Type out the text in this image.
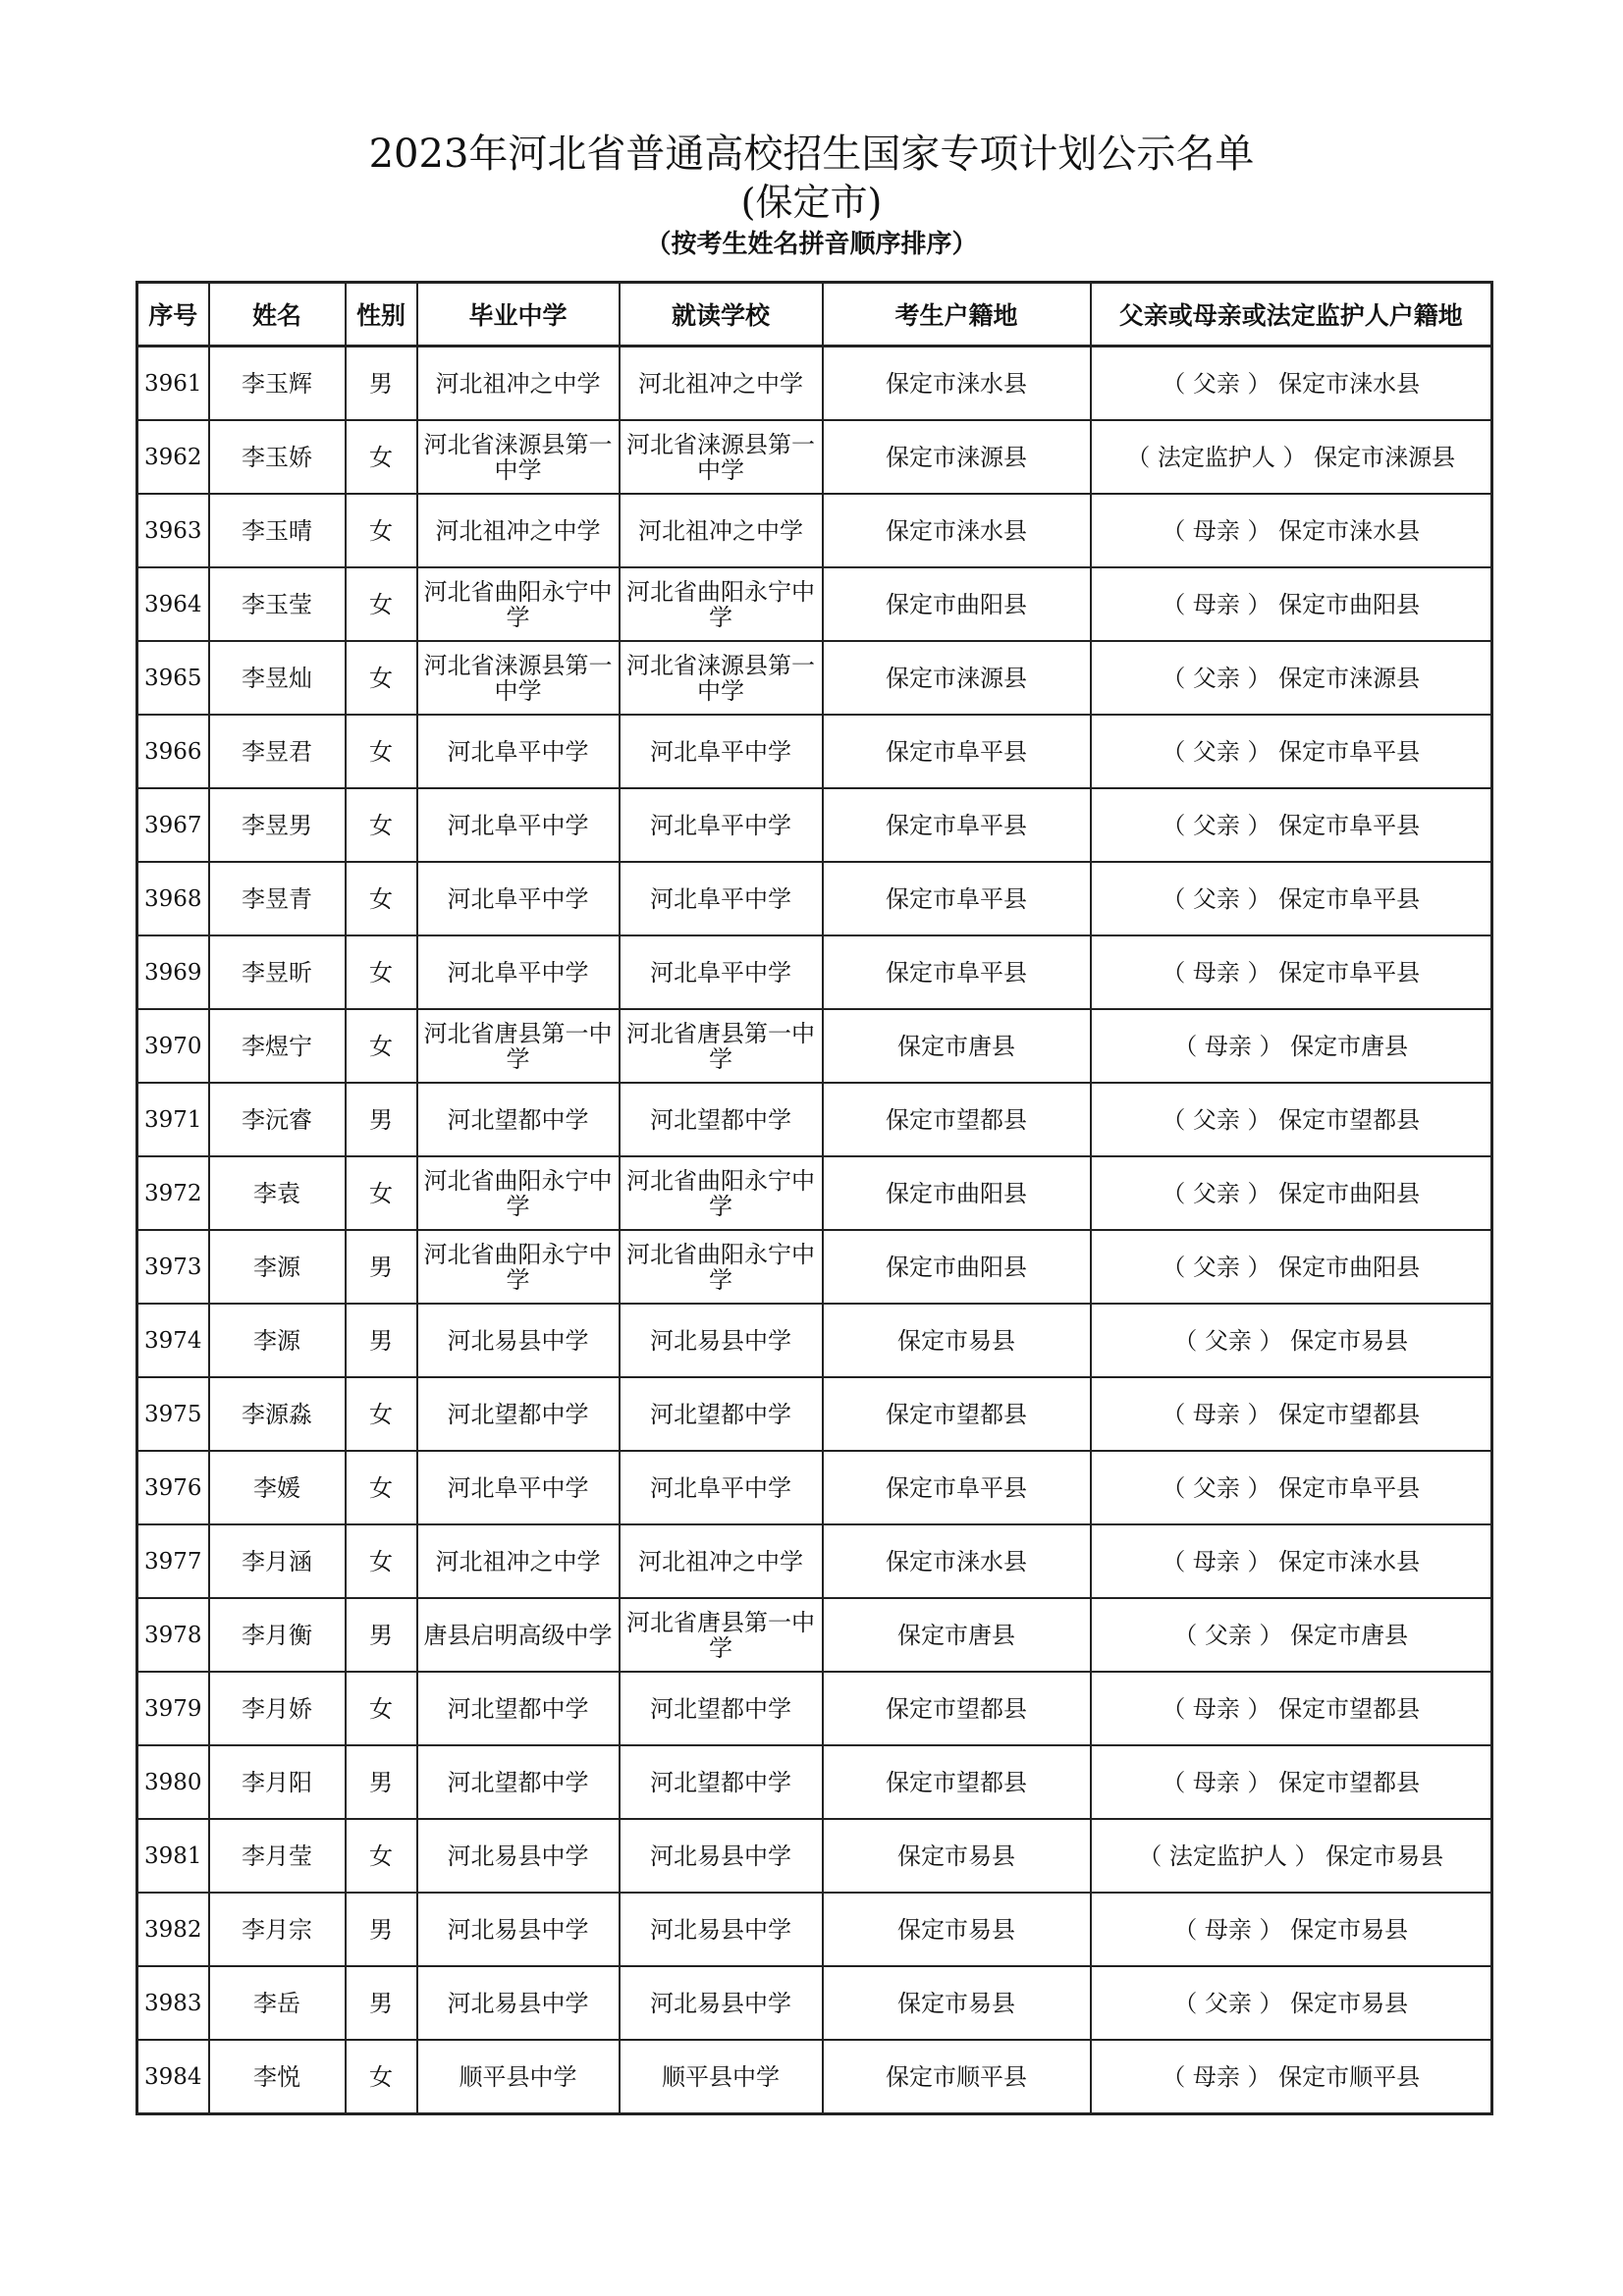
2023年河北省普通高校招生国家专项计划公示名单
(保定市)
（按考生姓名拼音顺序排序）
序号	姓名	性别	毕业中学	就读学校	考生户籍地	父亲或母亲或法定监护人户籍地
3961	李玉辉	男	河北祖冲之中学	河北祖冲之中学	保定市涞水县	（ 父亲 ） 保定市涞水县
3962	李玉娇	女	河北省涞源县第一中学	河北省涞源县第一中学	保定市涞源县	（ 法定监护人 ） 保定市涞源县
3963	李玉晴	女	河北祖冲之中学	河北祖冲之中学	保定市涞水县	（ 母亲 ） 保定市涞水县
3964	李玉莹	女	河北省曲阳永宁中学	河北省曲阳永宁中学	保定市曲阳县	（ 母亲 ） 保定市曲阳县
3965	李昱灿	女	河北省涞源县第一中学	河北省涞源县第一中学	保定市涞源县	（ 父亲 ） 保定市涞源县
3966	李昱君	女	河北阜平中学	河北阜平中学	保定市阜平县	（ 父亲 ） 保定市阜平县
3967	李昱男	女	河北阜平中学	河北阜平中学	保定市阜平县	（ 父亲 ） 保定市阜平县
3968	李昱青	女	河北阜平中学	河北阜平中学	保定市阜平县	（ 父亲 ） 保定市阜平县
3969	李昱昕	女	河北阜平中学	河北阜平中学	保定市阜平县	（ 母亲 ） 保定市阜平县
3970	李煜宁	女	河北省唐县第一中学	河北省唐县第一中学	保定市唐县	（ 母亲 ） 保定市唐县
3971	李沅睿	男	河北望都中学	河北望都中学	保定市望都县	（ 父亲 ） 保定市望都县
3972	李袁	女	河北省曲阳永宁中学	河北省曲阳永宁中学	保定市曲阳县	（ 父亲 ） 保定市曲阳县
3973	李源	男	河北省曲阳永宁中学	河北省曲阳永宁中学	保定市曲阳县	（ 父亲 ） 保定市曲阳县
3974	李源	男	河北易县中学	河北易县中学	保定市易县	（ 父亲 ） 保定市易县
3975	李源淼	女	河北望都中学	河北望都中学	保定市望都县	（ 母亲 ） 保定市望都县
3976	李媛	女	河北阜平中学	河北阜平中学	保定市阜平县	（ 父亲 ） 保定市阜平县
3977	李月涵	女	河北祖冲之中学	河北祖冲之中学	保定市涞水县	（ 母亲 ） 保定市涞水县
3978	李月衡	男	唐县启明高级中学	河北省唐县第一中学	保定市唐县	（ 父亲 ） 保定市唐县
3979	李月娇	女	河北望都中学	河北望都中学	保定市望都县	（ 母亲 ） 保定市望都县
3980	李月阳	男	河北望都中学	河北望都中学	保定市望都县	（ 母亲 ） 保定市望都县
3981	李月莹	女	河北易县中学	河北易县中学	保定市易县	（ 法定监护人 ） 保定市易县
3982	李月宗	男	河北易县中学	河北易县中学	保定市易县	（ 母亲 ） 保定市易县
3983	李岳	男	河北易县中学	河北易县中学	保定市易县	（ 父亲 ） 保定市易县
3984	李悦	女	顺平县中学	顺平县中学	保定市顺平县	（ 母亲 ） 保定市顺平县
